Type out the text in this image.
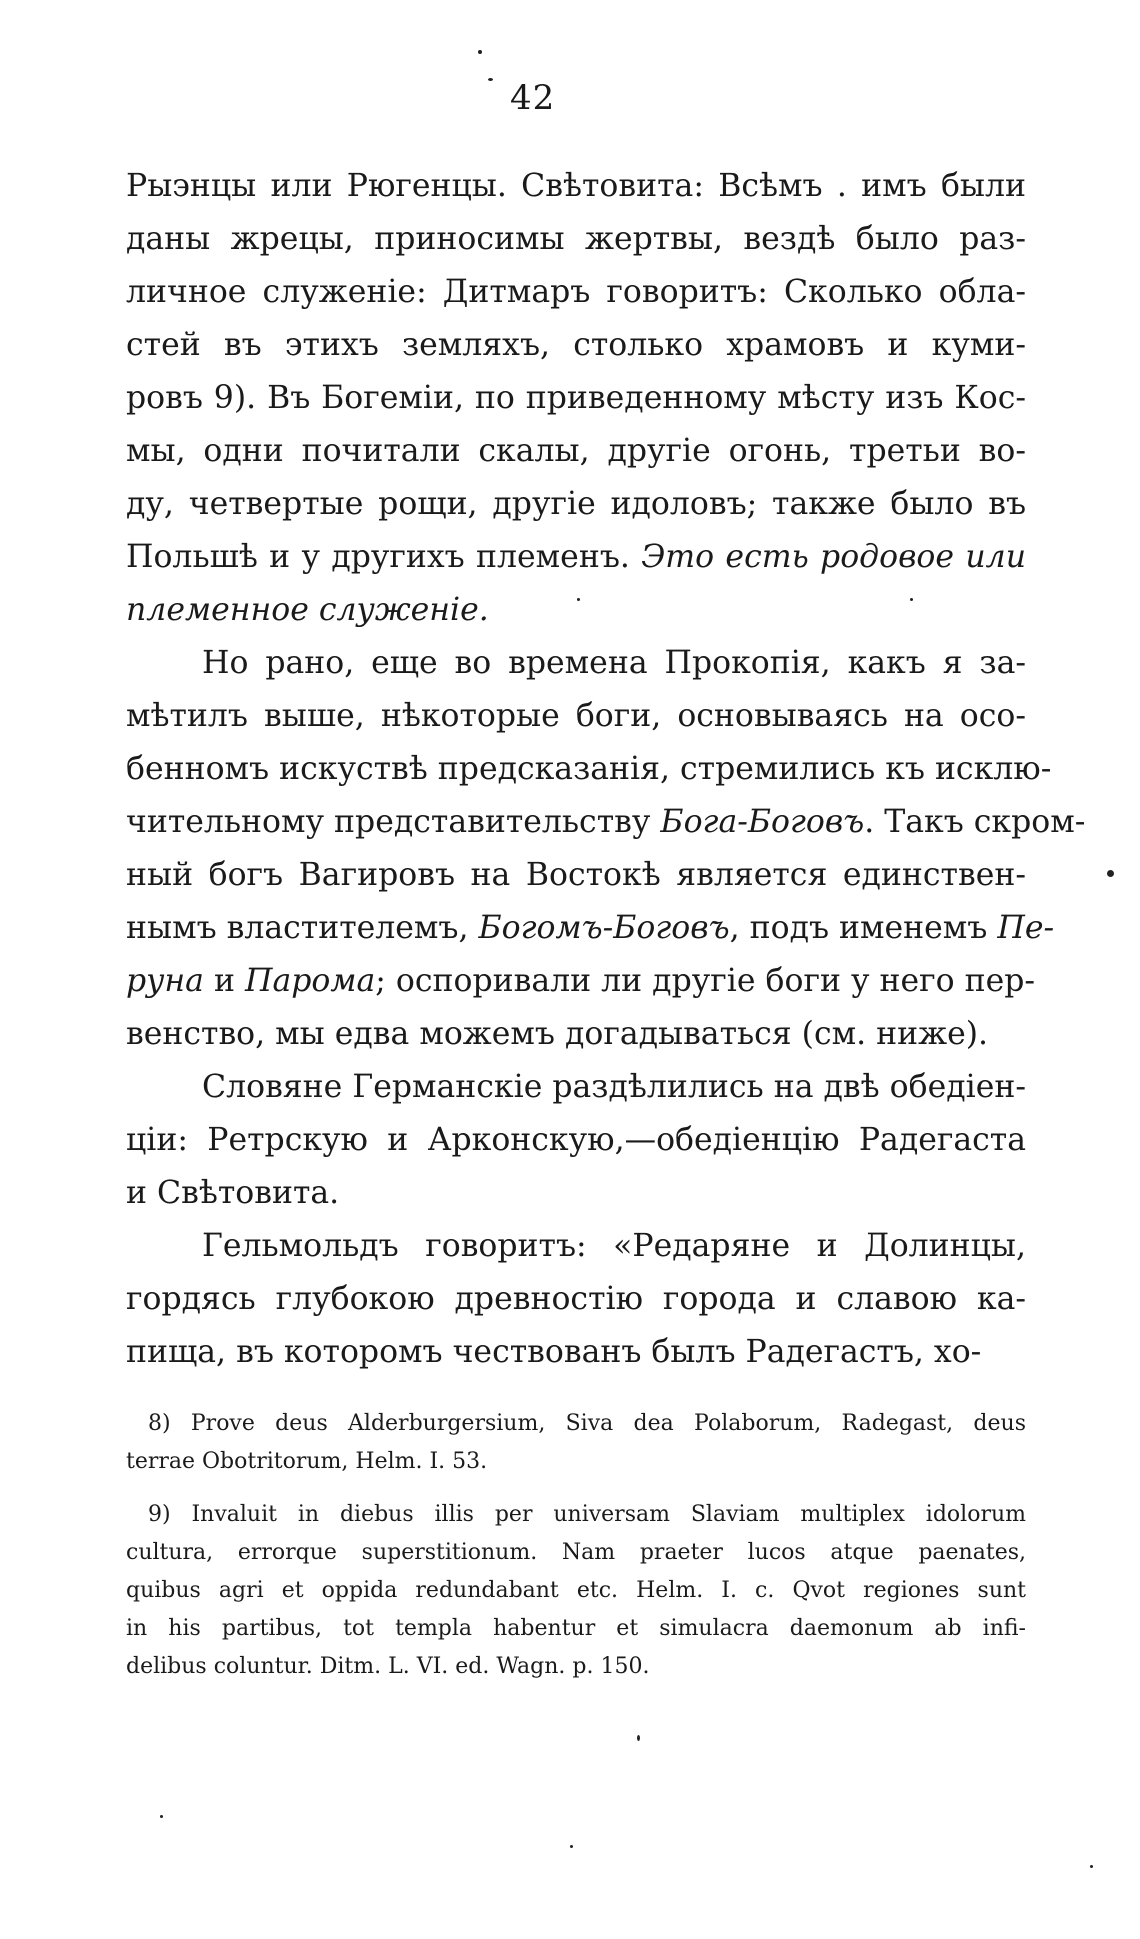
42
Рыэнцы или Рюгенцы. Свѣтовита: Всѣмъ . имъ были
даны жрецы, приносимы жертвы, вездѣ было раз-
личное служеніе: Дитмаръ говоритъ: Сколько обла-
стей въ этихъ земляхъ, столько храмовъ и куми-
ровъ 9). Въ Богеміи, по приведенному мѣсту изъ Кос-
мы, одни почитали скалы, другіе огонь, третьи во-
ду, четвертые рощи, другіе идоловъ; также было въ
Польшѣ и у другихъ племенъ. Это есть родовое или
племенное служеніе.
Но рано, еще во времена Прокопія, какъ я за-
мѣтилъ выше, нѣкоторые боги, основываясь на осо-
бенномъ искуствѣ предсказанія, стремились къ исклю-
чительному представительству Бога-Боговъ. Такъ скром-
ный богъ Вагировъ на Востокѣ является единствен-
нымъ властителемъ, Богомъ-Боговъ, подъ именемъ Пе-
руна и Парома; оспоривали ли другіе боги у него пер-
венство, мы едва можемъ догадываться (см. ниже).
Словяне Германскіе раздѣлились на двѣ обедіен-
ціи: Ретрскую и Арконскую,—обедіенцію Радегаста
и Свѣтовита.
Гельмольдъ говоритъ: «Редаряне и Долинцы,
гордясь глубокою древностію города и славою ка-
пища, въ которомъ чествованъ былъ Радегастъ, хо-
8) Prove deus Alderburgersium, Siva dea Polaborum, Radegast, deus
terrae Obotritorum, Helm. I. 53.
9) Invaluit in diebus illis per universam Slaviam multiplex idolorum
cultura, errorque superstitionum. Nam praeter lucos atque paenates,
quibus agri et oppida redundabant etc. Helm. I. c. Qvot regiones sunt
in his partibus, tot templa habentur et simulacra daemonum ab infi-
delibus coluntur. Ditm. L. VI. ed. Wagn. p. 150.
